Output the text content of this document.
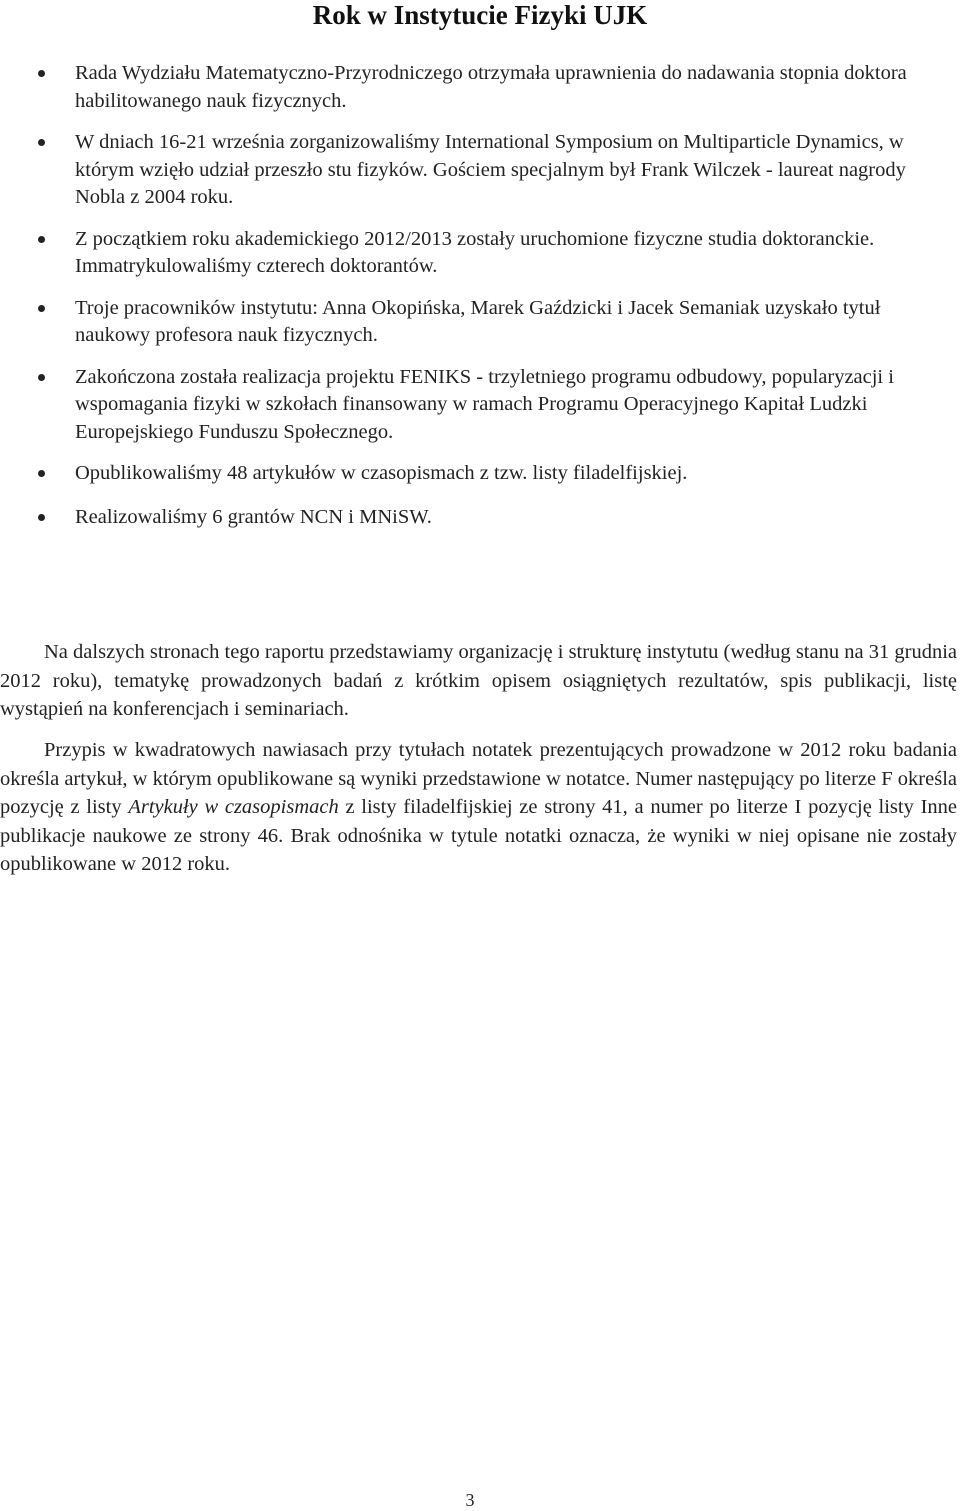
Rok w Instytucie Fizyki UJK
Rada Wydziału Matematyczno-Przyrodniczego otrzymała uprawnienia do nadawania stopnia doktora habilitowanego nauk fizycznych.
W dniach 16-21 września zorganizowaliśmy International Symposium on Multiparticle Dynamics, w którym wzięło udział przeszło stu fizyków. Gościem specjalnym był Frank Wilczek - laureat nagrody Nobla z 2004 roku.
Z początkiem roku akademickiego 2012/2013 zostały uruchomione fizyczne studia doktoranckie. Immatrykulowaliśmy czterech doktorantów.
Troje pracowników instytutu: Anna Okopińska, Marek Gaździcki i Jacek Semaniak uzyskało tytuł naukowy profesora nauk fizycznych.
Zakończona została realizacja projektu FENIKS - trzyletniego programu odbudowy, popularyzacji i wspomagania fizyki w szkołach finansowany w ramach Programu Operacyjnego Kapitał Ludzki Europejskiego Funduszu Społecznego.
Opublikowaliśmy 48 artykułów w czasopismach z tzw. listy filadelfijskiej.
Realizowaliśmy 6 grantów NCN i MNiSW.

Na dalszych stronach tego raportu przedstawiamy organizację i strukturę instytutu (według stanu na 31 grudnia 2012 roku), tematykę prowadzonych badań z krótkim opisem osiągniętych rezultatów, spis publikacji, listę wystąpień na konferencjach i seminariach.

Przypis w kwadratowych nawiasach przy tytułach notatek prezentujących prowadzone w 2012 roku badania określa artykuł, w którym opublikowane są wyniki przedstawione w notatce. Numer następujący po literze F określa pozycję z listy Artykuły w czasopismach z listy filadelfijskiej ze strony 41, a numer po literze I pozycję listy Inne publikacje naukowe ze strony 46. Brak odnośnika w tytule notatki oznacza, że wyniki w niej opisane nie zostały opublikowane w 2012 roku.

3
